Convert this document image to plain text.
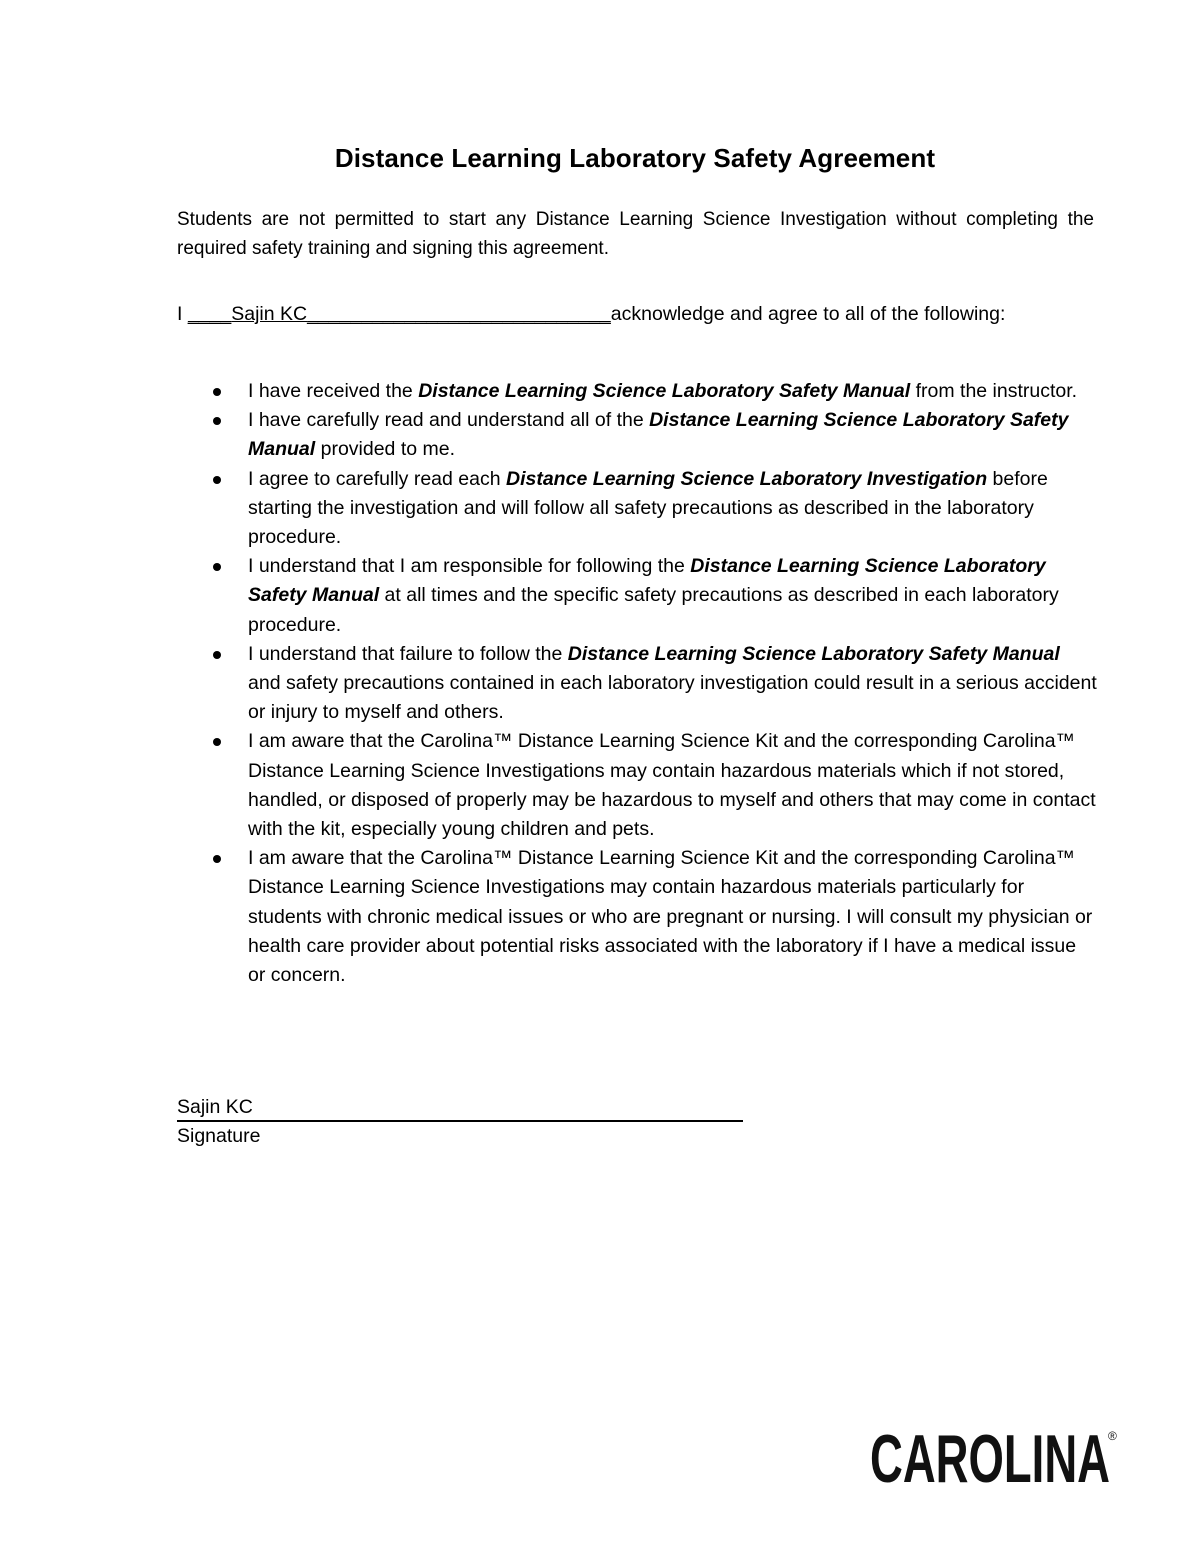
Distance Learning Laboratory Safety Agreement
Students are not permitted to start any Distance Learning Science Investigation without completing the required safety training and signing this agreement.
I ____Sajin KC____________________________acknowledge and agree to all of the following:
I have received the Distance Learning Science Laboratory Safety Manual from the instructor.
I have carefully read and understand all of the Distance Learning Science Laboratory Safety Manual provided to me.
I agree to carefully read each Distance Learning Science Laboratory Investigation before starting the investigation and will follow all safety precautions as described in the laboratory procedure.
I understand that I am responsible for following the Distance Learning Science Laboratory Safety Manual at all times and the specific safety precautions as described in each laboratory procedure.
I understand that failure to follow the Distance Learning Science Laboratory Safety Manual and safety precautions contained in each laboratory investigation could result in a serious accident or injury to myself and others.
I am aware that the Carolina™ Distance Learning Science Kit and the corresponding Carolina™ Distance Learning Science Investigations may contain hazardous materials which if not stored, handled, or disposed of properly may be hazardous to myself and others that may come in contact with the kit, especially young children and pets.
I am aware that the Carolina™ Distance Learning Science Kit and the corresponding Carolina™ Distance Learning Science Investigations may contain hazardous materials particularly for students with chronic medical issues or who are pregnant or nursing. I will consult my physician or health care provider about potential risks associated with the laboratory if I have a medical issue or concern.
Sajin KC
Signature
CAROLINA
®
